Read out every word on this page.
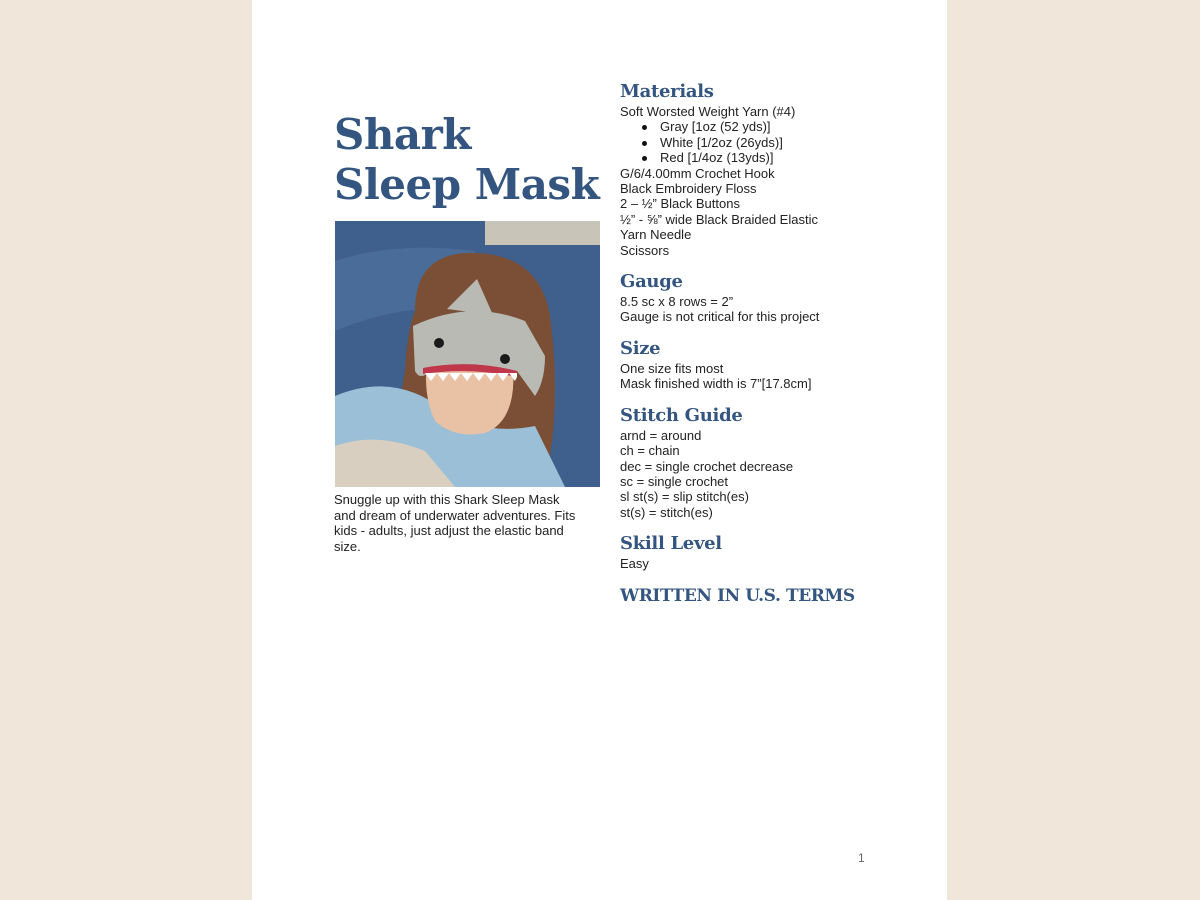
Shark
Sleep Mask

Snuggle up with this Shark Sleep Mask and dream of underwater adventures. Fits kids - adults, just adjust the elastic band size.

Materials
Soft Worsted Weight Yarn (#4)
Gray [1oz (52 yds)]
White [1/2oz (26yds)]
Red [1/4oz (13yds)]
G/6/4.00mm Crochet Hook
Black Embroidery Floss
2 – ½” Black Buttons
½” - ⅝” wide Black Braided Elastic
Yarn Needle
Scissors
Gauge
8.5 sc x 8 rows = 2”
Gauge is not critical for this project
Size
One size fits most
Mask finished width is 7”[17.8cm]
Stitch Guide
arnd = around
ch = chain
dec = single crochet decrease
sc = single crochet
sl st(s) = slip stitch(es)
st(s) = stitch(es)
Skill Level
Easy
WRITTEN IN U.S. TERMS
1
